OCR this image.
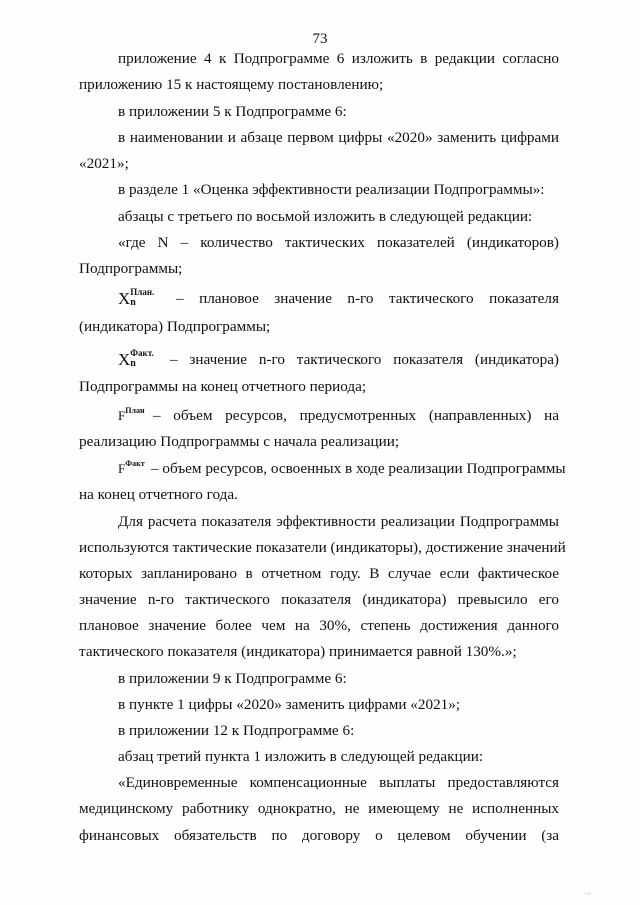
73
приложение 4 к Подпрограмме 6 изложить в редакции согласно
приложению 15 к настоящему постановлению;
в приложении 5 к Подпрограмме 6:
в наименовании и абзаце первом цифры «2020» заменить цифрами
«2021»;
в разделе 1 «Оценка эффективности реализации Подпрограммы»:
абзацы с третьего по восьмой изложить в следующей редакции:
«где N – количество тактических показателей (индикаторов)
Подпрограммы;
X План.
n	– плановое значение n-го тактического показателя
(индикатора) Подпрограммы;
X Факт.
n – значение n-го тактического показателя (индикатора)
Подпрограммы на конец отчетного периода;
F План – объем ресурсов, предусмотренных (направленных) на
реализацию Подпрограммы с начала реализации;
F Факт – объем ресурсов, освоенных в ходе реализации Подпрограммы
на конец отчетного года.
Для расчета показателя эффективности реализации Подпрограммы
используются тактические показатели (индикаторы), достижение значений
которых запланировано в отчетном году. В случае если фактическое
значение n-го тактического показателя (индикатора) превысило его
плановое значение более чем на 30%, степень достижения данного
тактического показателя (индикатора) принимается равной 130%.»;
в приложении 9 к Подпрограмме 6:
в пункте 1 цифры «2020» заменить цифрами «2021»;
в приложении 12 к Подпрограмме 6:
абзац третий пункта 1 изложить в следующей редакции:
«Единовременные компенсационные выплаты предоставляются
медицинскому работнику однократно, не имеющему не исполненных
финансовых обязательств по договору о целевом обучении (за
. ,
